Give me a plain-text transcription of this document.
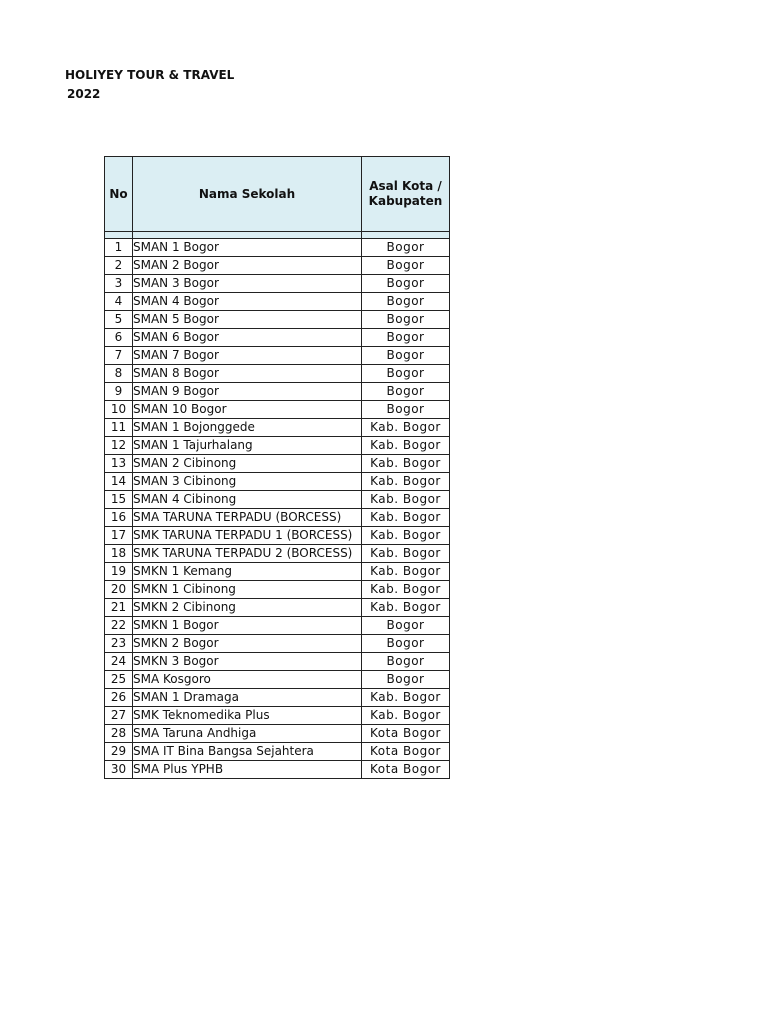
HOLIYEY TOUR & TRAVEL
2022
No	Nama Sekolah	Asal Kota /
Kabupaten

1	SMAN 1 Bogor	Bogor
2	SMAN 2 Bogor	Bogor
3	SMAN 3 Bogor	Bogor
4	SMAN 4 Bogor	Bogor
5	SMAN 5 Bogor	Bogor
6	SMAN 6 Bogor	Bogor
7	SMAN 7 Bogor	Bogor
8	SMAN 8 Bogor	Bogor
9	SMAN 9 Bogor	Bogor
10	SMAN 10 Bogor	Bogor
11	SMAN 1 Bojonggede	Kab. Bogor
12	SMAN 1 Tajurhalang	Kab. Bogor
13	SMAN 2 Cibinong	Kab. Bogor
14	SMAN 3 Cibinong	Kab. Bogor
15	SMAN 4 Cibinong	Kab. Bogor
16	SMA TARUNA TERPADU (BORCESS)	Kab. Bogor
17	SMK TARUNA TERPADU 1 (BORCESS)	Kab. Bogor
18	SMK TARUNA TERPADU 2 (BORCESS)	Kab. Bogor
19	SMKN 1 Kemang	Kab. Bogor
20	SMKN 1 Cibinong	Kab. Bogor
21	SMKN 2 Cibinong	Kab. Bogor
22	SMKN 1 Bogor	Bogor
23	SMKN 2 Bogor	Bogor
24	SMKN 3 Bogor	Bogor
25	SMA Kosgoro	Bogor
26	SMAN 1 Dramaga	Kab. Bogor
27	SMK Teknomedika Plus	Kab. Bogor
28	SMA Taruna Andhiga	Kota Bogor
29	SMA IT Bina Bangsa Sejahtera	Kota Bogor
30	SMA Plus YPHB	Kota Bogor
